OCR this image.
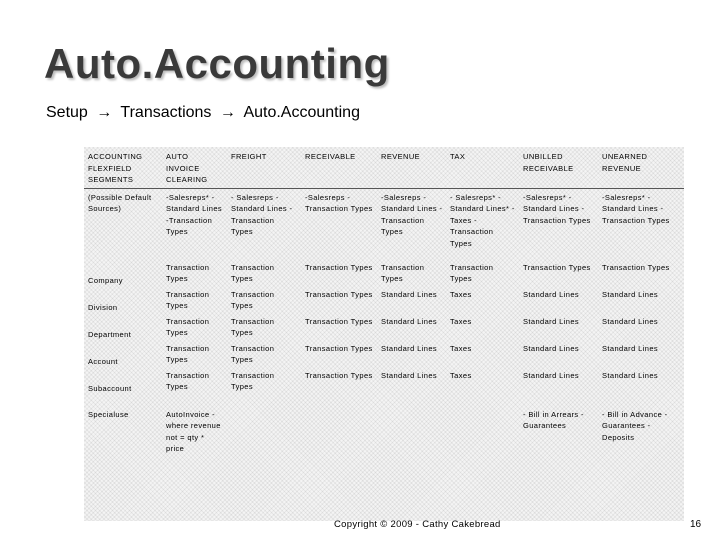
Auto.Accounting
Setup → Transactions → Auto.Accounting
ACCOUNTING FLEXFIELD SEGMENTS	AUTO INVOICE CLEARING	FREIGHT	RECEIVABLE	REVENUE	TAX	UNBILLED RECEIVABLE	UNEARNED REVENUE
(Possible Default Sources)	-Salesreps* - Standard Lines -Transaction Types	- Salesreps - Standard Lines -Transaction Types	-Salesreps -Transaction Types	-Salesreps -Standard Lines -Transaction Types	- Salesreps* - Standard Lines* - Taxes -Transaction Types	-Salesreps* -Standard Lines -Transaction Types	-Salesreps* -Standard Lines -Transaction Types
Company	Transaction Types	Transaction Types	Transaction Types	Transaction Types	Transaction Types	Transaction Types	Transaction Types
Division	Transaction Types	Transaction Types	Transaction Types	Standard Lines	Taxes	Standard Lines	Standard Lines
Department	Transaction Types	Transaction Types	Transaction Types	Standard Lines	Taxes	Standard Lines	Standard Lines
Account	Transaction Types	Transaction Types	Transaction Types	Standard Lines	Taxes	Standard Lines	Standard Lines
Subaccount	Transaction Types	Transaction Types	Transaction Types	Standard Lines	Taxes	Standard Lines	Standard Lines
Specialuse	AutoInvoice - where revenue not = qty * price					- Bill in Arrears - Guarantees	- Bill in Advance - Guarantees - Deposits
Copyright © 2009 - Cathy Cakebread	16
